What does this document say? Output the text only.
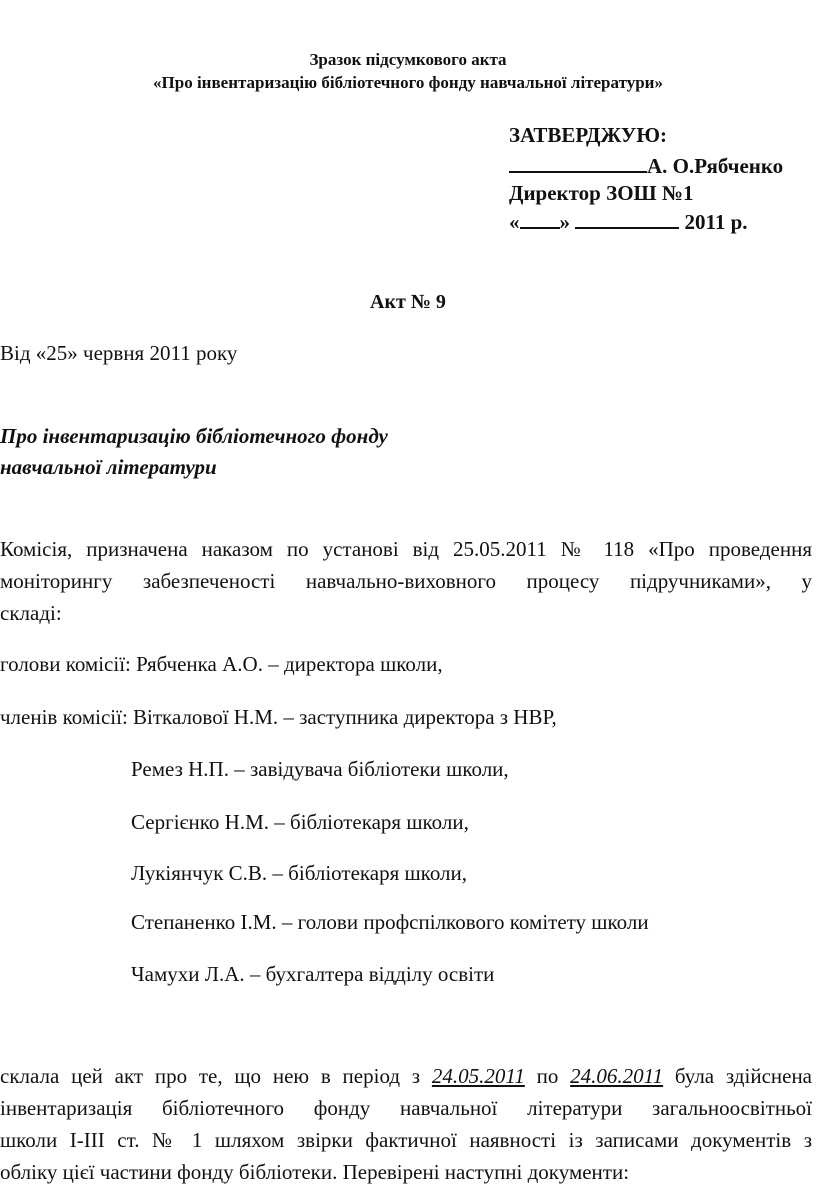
Зразок підсумкового акта
«Про інвентаризацію бібліотечного фонду навчальної літератури»
ЗАТВЕРДЖУЮ:
А. О.Рябченко
Директор ЗОШ №1
« »	2011 р.
Акт № 9
Від «25» червня 2011 року
Про інвентаризацію бібліотечного фонду
навчальної літератури
Комісія, призначена наказом по установі від 25.05.2011 № 118 «Про проведення
моніторингу забезпеченості навчально-виховного процесу підручниками», у
складі:
голови комісії: Рябченка А.О. – директора школи,
членів комісії: Віткалової Н.М. – заступника директора з НВР,
Ремез Н.П. – завідувача бібліотеки школи,
Сергієнко Н.М. – бібліотекаря школи,
Лукіянчук С.В. – бібліотекаря школи,
Степаненко І.М. – голови профспілкового комітету школи
Чамухи Л.А. – бухгалтера відділу освіти
склала цей акт про те, що нею в період з 24.05.2011 по 24.06.2011 була здійснена
інвентаризація бібліотечного фонду навчальної літератури загальноосвітньої
школи І-ІІІ ст. № 1 шляхом звірки фактичної наявності із записами документів з
обліку цієї частини фонду бібліотеки. Перевірені наступні документи:
